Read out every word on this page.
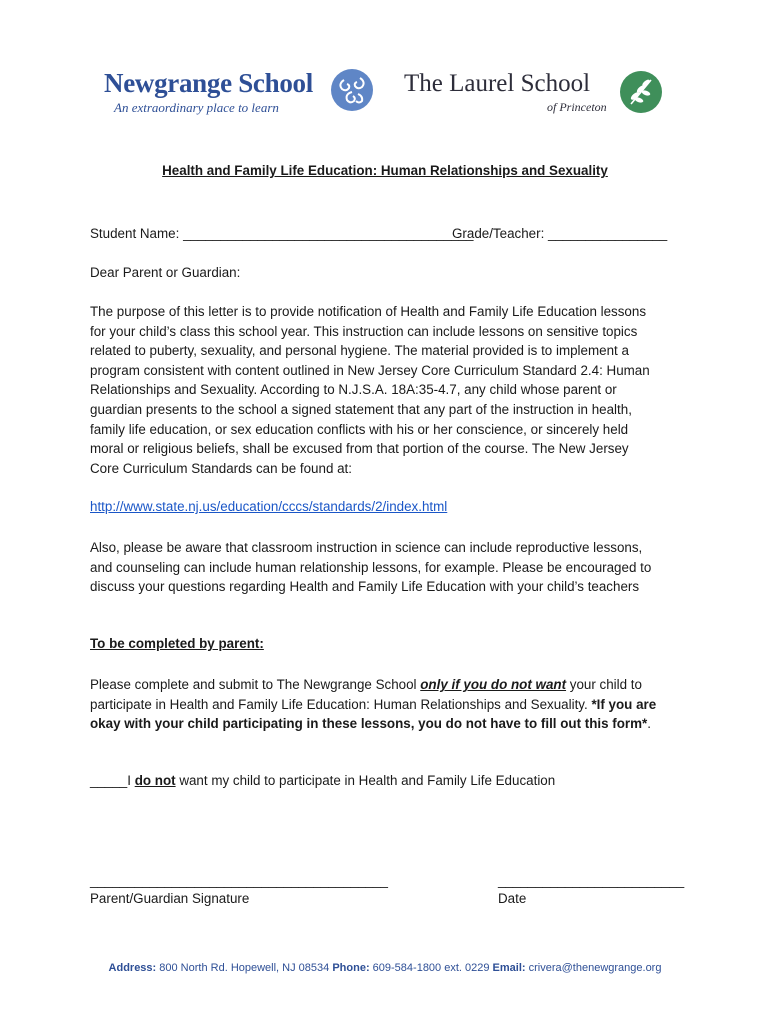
Newgrange School
An extraordinary place to learn
The Laurel School
of Princeton
Health and Family Life Education: Human Relationships and Sexuality
Student Name: _______________________________________
Grade/Teacher: ________________
Dear Parent or Guardian:
The purpose of this letter is to provide notification of Health and Family Life Education lessons
for your child’s class this school year. This instruction can include lessons on sensitive topics
related to puberty, sexuality, and personal hygiene. The material provided is to implement a
program consistent with content outlined in New Jersey Core Curriculum Standard 2.4: Human
Relationships and Sexuality. According to N.J.S.A. 18A:35-4.7, any child whose parent or
guardian presents to the school a signed statement that any part of the instruction in health,
family life education, or sex education conflicts with his or her conscience, or sincerely held
moral or religious beliefs, shall be excused from that portion of the course. The New Jersey
Core Curriculum Standards can be found at:
http://www.state.nj.us/education/cccs/standards/2/index.html
Also, please be aware that classroom instruction in science can include reproductive lessons,
and counseling can include human relationship lessons, for example. Please be encouraged to
discuss your questions regarding Health and Family Life Education with your child’s teachers
To be completed by parent:
Please complete and submit to The Newgrange School only if you do not want your child to
participate in Health and Family Life Education: Human Relationships and Sexuality. *If you are
okay with your child participating in these lessons, you do not have to fill out this form*.
_____I do not want my child to participate in Health and Family Life Education
________________________________________
Parent/Guardian Signature
_________________________
Date
Address: 800 North Rd. Hopewell, NJ 08534 Phone: 609-584-1800 ext. 0229 Email: crivera@thenewgrange.org
